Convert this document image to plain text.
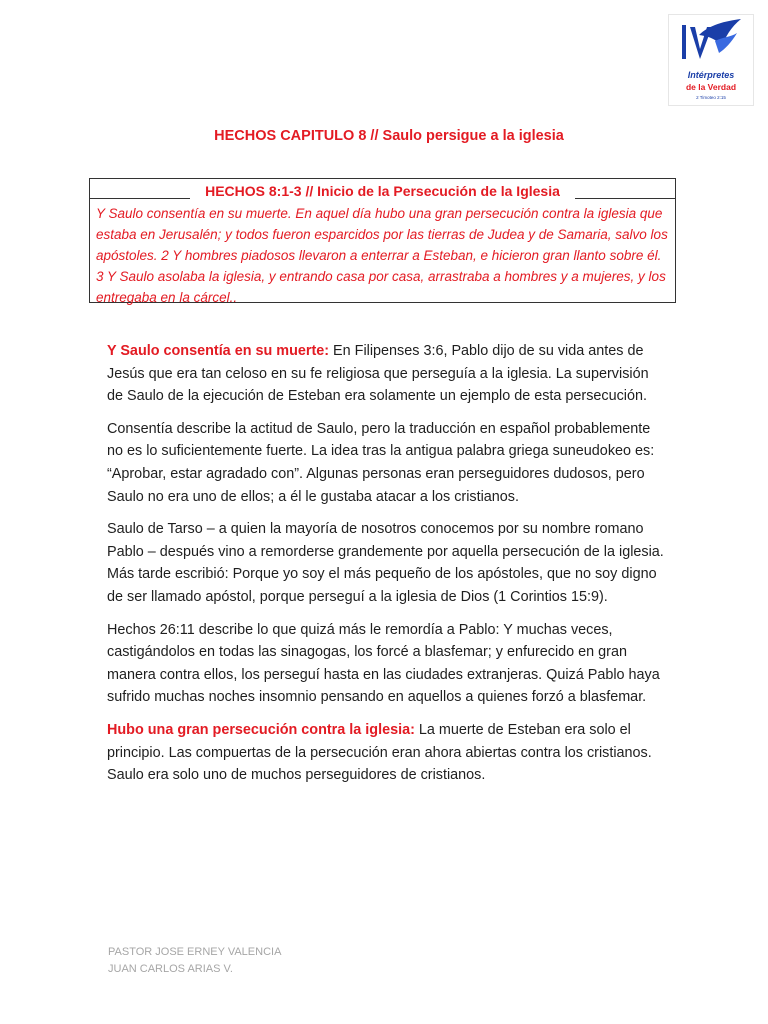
Intérpretes
de la Verdad
2 Timoteo 2:15
HECHOS CAPITULO 8 // Saulo persigue a la iglesia
HECHOS 8:1-3 // Inicio de la Persecución de la Iglesia
Y Saulo consentía en su muerte. En aquel día hubo una gran persecución contra la iglesia que estaba en Jerusalén; y todos fueron esparcidos por las tierras de Judea y de Samaria, salvo los apóstoles. 2 Y hombres piadosos llevaron a enterrar a Esteban, e hicieron gran llanto sobre él. 3 Y Saulo asolaba la iglesia, y entrando casa por casa, arrastraba a hombres y a mujeres, y los entregaba en la cárcel..

Y Saulo consentía en su muerte: En Filipenses 3:6, Pablo dijo de su vida antes de Jesús que era tan celoso en su fe religiosa que perseguía a la iglesia. La supervisión de Saulo de la ejecución de Esteban era solamente un ejemplo de esta persecución.

Consentía describe la actitud de Saulo, pero la traducción en español probablemente no es lo suficientemente fuerte. La idea tras la antigua palabra griega suneudokeo es: “Aprobar, estar agradado con”. Algunas personas eran perseguidores dudosos, pero Saulo no era uno de ellos; a él le gustaba atacar a los cristianos.

Saulo de Tarso – a quien la mayoría de nosotros conocemos por su nombre romano Pablo – después vino a remorderse grandemente por aquella persecución de la iglesia. Más tarde escribió: Porque yo soy el más pequeño de los apóstoles, que no soy digno de ser llamado apóstol, porque perseguí a la iglesia de Dios (1 Corintios 15:9).

Hechos 26:11 describe lo que quizá más le remordía a Pablo: Y muchas veces, castigándolos en todas las sinagogas, los forcé a blasfemar; y enfurecido en gran manera contra ellos, los perseguí hasta en las ciudades extranjeras. Quizá Pablo haya sufrido muchas noches insomnio pensando en aquellos a quienes forzó a blasfemar.

Hubo una gran persecución contra la iglesia: La muerte de Esteban era solo el principio. Las compuertas de la persecución eran ahora abiertas contra los cristianos. Saulo era solo uno de muchos perseguidores de cristianos.

PASTOR JOSE ERNEY VALENCIA
JUAN CARLOS ARIAS V.
